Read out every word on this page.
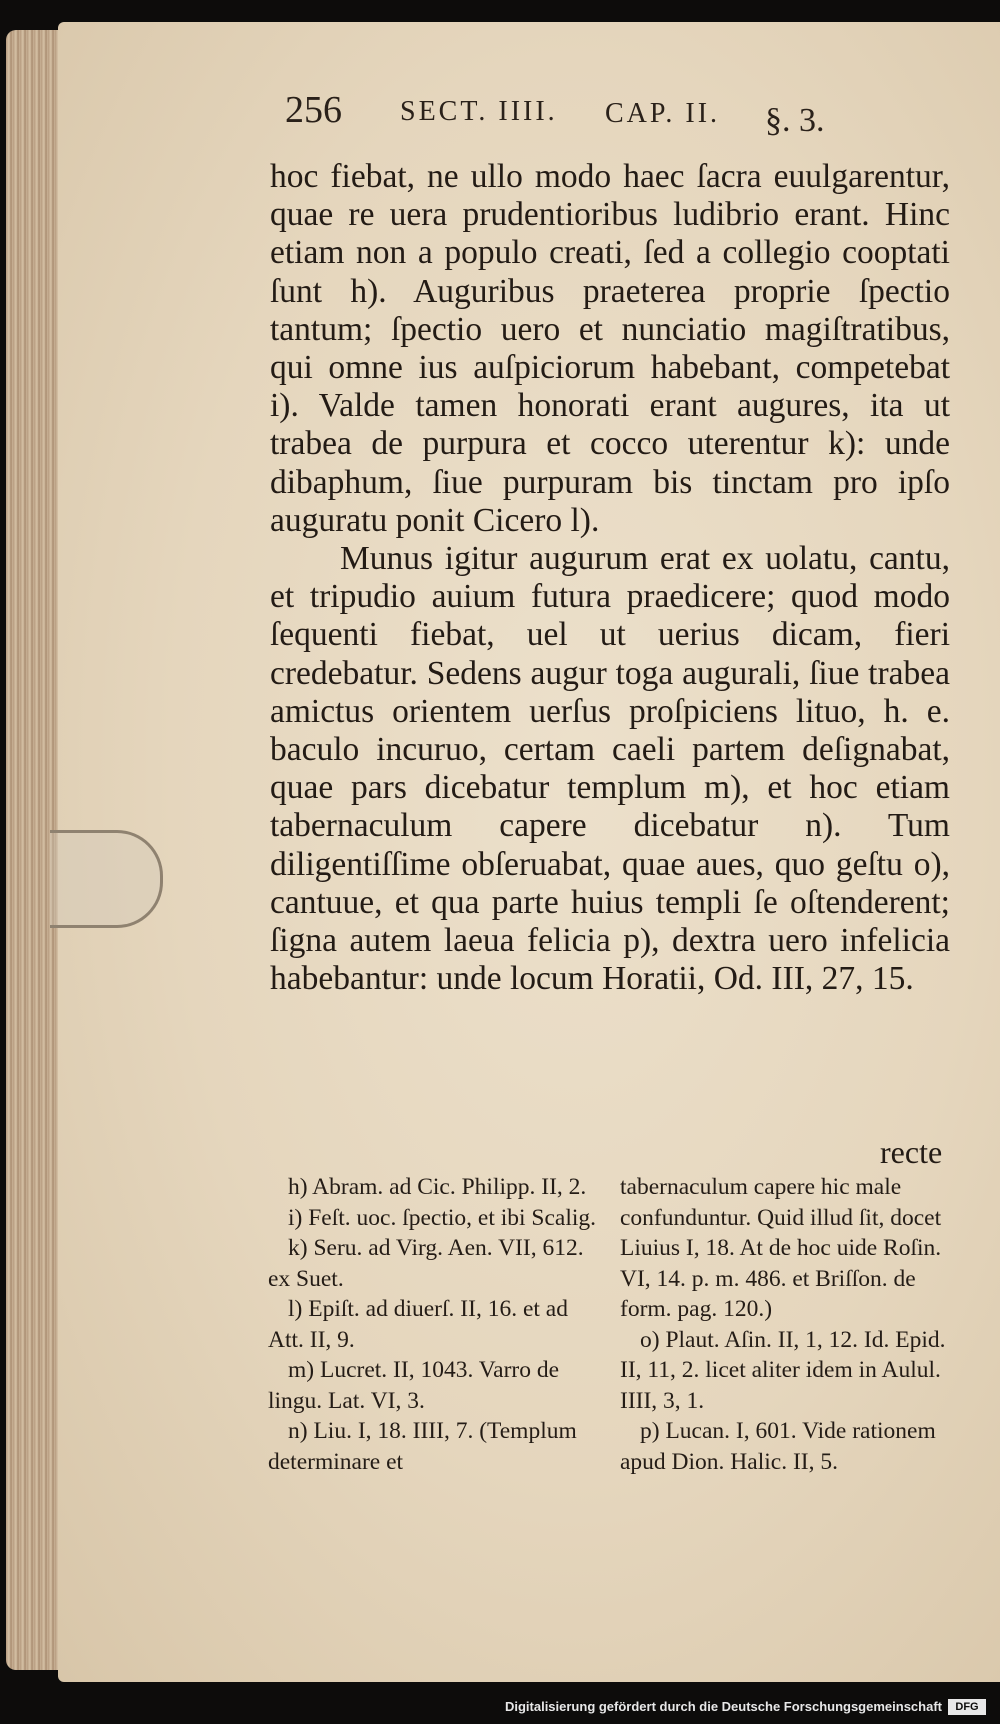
256 SECT. IIII. CAP. II. §. 3.

hoc fiebat, ne ullo modo haec ſacra euulgarentur, quae re uera prudentioribus ludibrio erant. Hinc etiam non a populo creati, ſed a collegio cooptati ſunt h). Auguribus praeterea proprie ſpectio tantum; ſpectio uero et nunciatio magiſtratibus, qui omne ius auſpiciorum habebant, competebat i). Valde tamen honorati erant augures, ita ut trabea de purpura et cocco uterentur k): unde dibaphum, ſiue purpuram bis tinctam pro ipſo auguratu ponit Cicero l).

Munus igitur augurum erat ex uolatu, cantu, et tripudio auium futura praedicere; quod modo ſequenti fiebat, uel ut uerius dicam, fieri credebatur. Sedens augur toga augurali, ſiue trabea amictus orientem uerſus proſpiciens lituo, h. e. baculo incuruo, certam caeli partem deſignabat, quae pars dicebatur templum m), et hoc etiam tabernaculum capere dicebatur n). Tum diligentiſſime obſeruabat, quae aues, quo geſtu o), cantuue, et qua parte huius templi ſe oſtenderent; ſigna autem laeua felicia p), dextra uero infelicia habebantur: unde locum Horatii, Od. III, 27, 15.

recte

h) Abram. ad Cic. Philipp. II, 2.

i) Feſt. uoc. ſpectio, et ibi Scalig.

k) Seru. ad Virg. Aen. VII, 612. ex Suet.

l) Epiſt. ad diuerſ. II, 16. et ad Att. II, 9.

m) Lucret. II, 1043. Varro de lingu. Lat. VI, 3.

n) Liu. I, 18. IIII, 7. (Templum determinare et

tabernaculum capere hic male confunduntur. Quid illud ſit, docet Liuius I, 18. At de hoc uide Roſin. VI, 14. p. m. 486. et Briſſon. de form. pag. 120.)

o) Plaut. Aſin. II, 1, 12. Id. Epid. II, 11, 2. licet aliter idem in Aulul. IIII, 3, 1.

p) Lucan. I, 601. Vide rationem apud Dion. Halic. II, 5.

Digitalisierung gefördert durch die Deutsche Forschungsgemeinschaft	DFG
